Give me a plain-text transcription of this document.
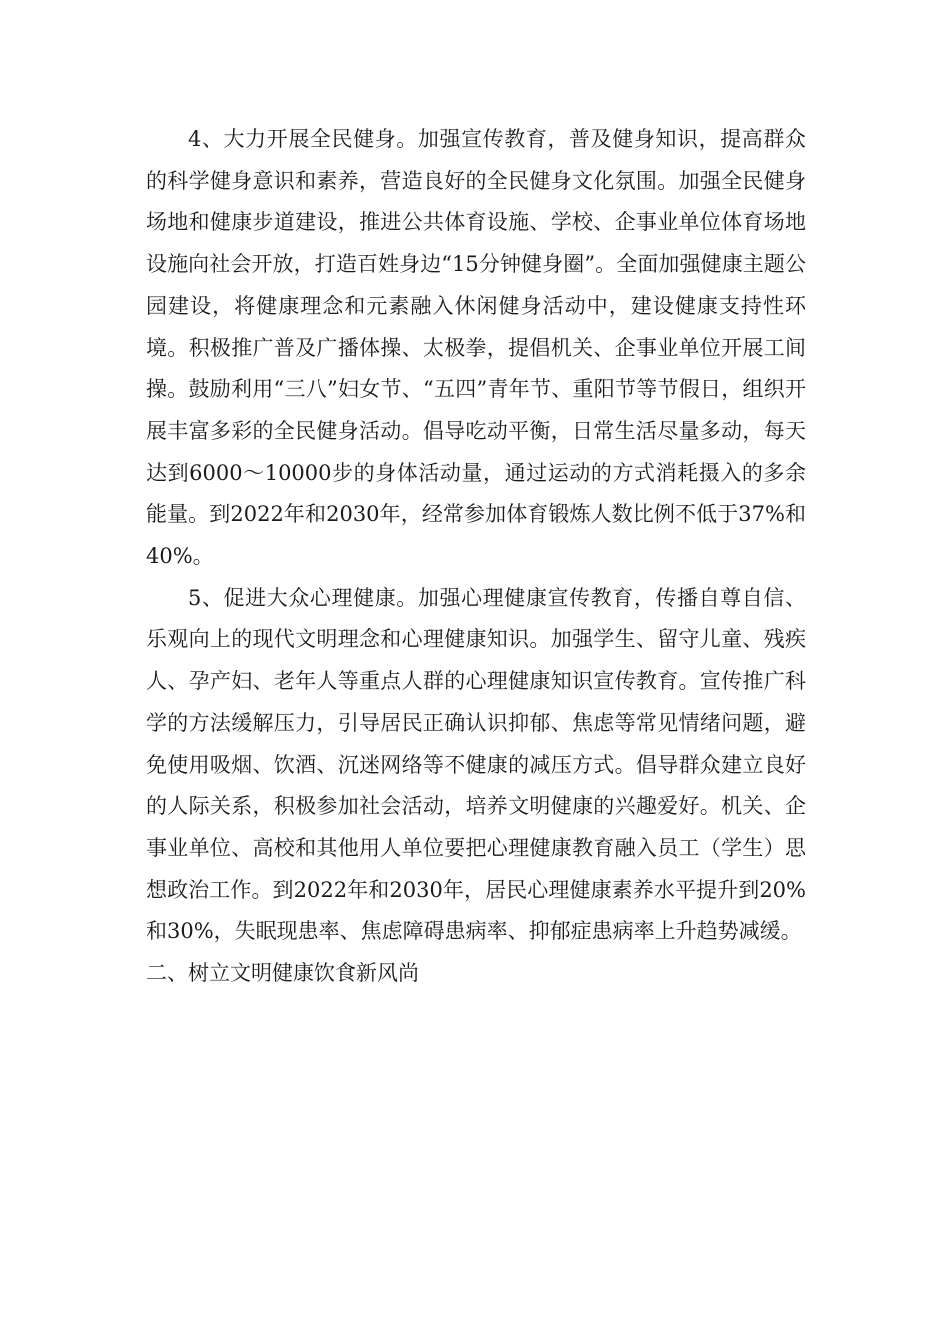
4、大力开展全民健身。加强宣传教育，普及健身知识，提高群众的科学健身意识和素养，营造良好的全民健身文化氛围。加强全民健身场地和健康步道建设，推进公共体育设施、学校、企事业单位体育场地设施向社会开放，打造百姓身边“15分钟健身圈”。全面加强健康主题公园建设，将健康理念和元素融入休闲健身活动中，建设健康支持性环境。积极推广普及广播体操、太极拳，提倡机关、企事业单位开展工间操。鼓励利用“三八”妇女节、“五四”青年节、重阳节等节假日，组织开展丰富多彩的全民健身活动。倡导吃动平衡，日常生活尽量多动，每天达到6000～10000步的身体活动量，通过运动的方式消耗摄入的多余能量。到2022年和2030年，经常参加体育锻炼人数比例不低于37%和40%。

5、促进大众心理健康。加强心理健康宣传教育，传播自尊自信、乐观向上的现代文明理念和心理健康知识。加强学生、留守儿童、残疾人、孕产妇、老年人等重点人群的心理健康知识宣传教育。宣传推广科学的方法缓解压力，引导居民正确认识抑郁、焦虑等常见情绪问题，避免使用吸烟、饮酒、沉迷网络等不健康的减压方式。倡导群众建立良好的人际关系，积极参加社会活动，培养文明健康的兴趣爱好。机关、企事业单位、高校和其他用人单位要把心理健康教育融入员工（学生）思想政治工作。到2022年和2030年，居民心理健康素养水平提升到20%和30%，失眠现患率、焦虑障碍患病率、抑郁症患病率上升趋势减缓。

二、树立文明健康饮食新风尚
